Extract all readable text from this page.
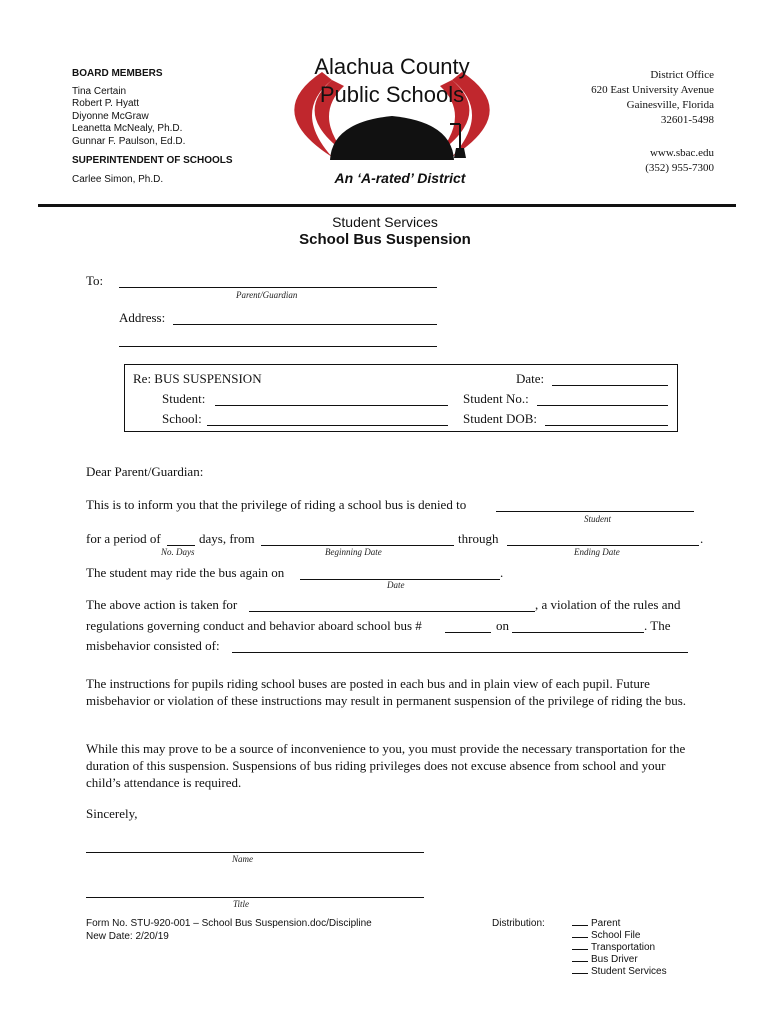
BOARD MEMBERS
Tina Certain
Robert P. Hyatt
Diyonne McGraw
Leanetta McNealy, Ph.D.
Gunnar F. Paulson, Ed.D.
SUPERINTENDENT OF SCHOOLS
Carlee Simon, Ph.D.
Alachua County
Public Schools
An ‘A-rated’ District
District Office
620 East University Avenue
Gainesville, Florida
32601-5498
www.sbac.edu
(352) 955-7300
Student Services
School Bus Suspension
To:
Parent/Guardian
Address:
Re: BUS SUSPENSION
Student:
School:
Date:
Student No.:
Student DOB:
Dear Parent/Guardian:
This is to inform you that the privilege of riding a school bus is denied to
Student
for a period of	days, from	through	.
No. Days	Beginning Date	Ending Date
The student may ride the bus again on	.
Date
The above action is taken for	, a violation of the rules and
regulations governing conduct and behavior aboard school bus #	on	. The
misbehavior consisted of:
The instructions for pupils riding school buses are posted in each bus and in plain view of each pupil. Future misbehavior or violation of these instructions may result in permanent suspension of the privilege of riding the bus.
While this may prove to be a source of inconvenience to you, you must provide the necessary transportation for the duration of this suspension. Suspensions of bus riding privileges does not excuse absence from school and your child’s attendance is required.
Sincerely,
Name
Title
Form No. STU-920-001 – School Bus Suspension.doc/Discipline
New Date: 2/20/19
Distribution:	Parent
School File
Transportation
Bus Driver
Student Services
